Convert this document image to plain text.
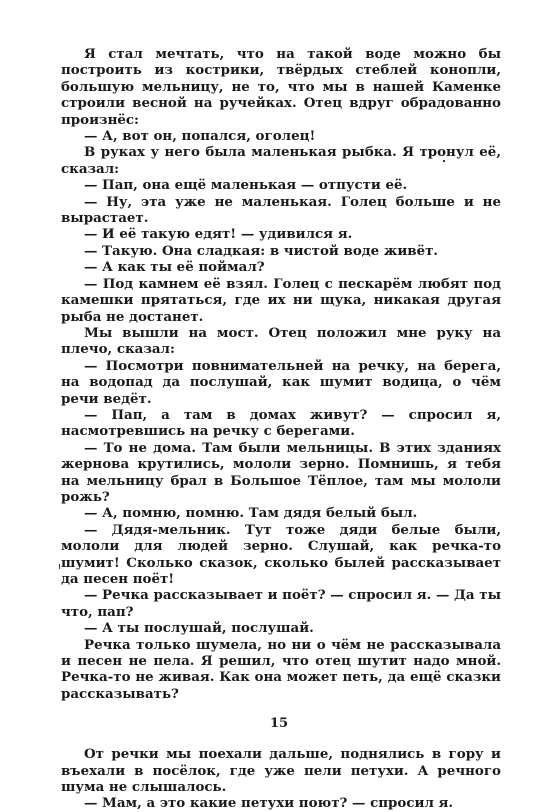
Я стал мечтать, что на такой воде можно бы построить из кострики, твёрдых стеблей конопли, большую мельницу, не то, что мы в нашей Каменке строили весной на ручейках. Отец вдруг обрадованно произнёс:

— А, вот он, попался, оголец!

В руках у него была маленькая рыбка. Я тронул её, сказал:

— Пап, она ещё маленькая — отпусти её.

— Ну, эта уже не маленькая. Голец больше и не вырастает.

— И её такую едят! — удивился я.

— Такую. Она сладкая: в чистой воде живёт.

— А как ты её поймал?

— Под камнем её взял. Голец с пескарём любят под камешки прятаться, где их ни щука, никакая другая рыба не достанет.

Мы вышли на мост. Отец положил мне руку на плечо, сказал:

— Посмотри повнимательней на речку, на берега, на водопад да послушай, как шумит водица, о чём речи ведёт.

— Пап, а там в домах живут? — спросил я, насмотревшись на речку с берегами.

— То не дома. Там были мельницы. В этих зданиях жернова крутились, мололи зерно. Помнишь, я тебя на мельницу брал в Большое Тёплое, там мы мололи рожь?

— А, помню, помню. Там дядя белый был.

— Дядя-мельник. Тут тоже дяди белые были, мололи для людей зерно. Слушай, как речка-то шумит! Сколько сказок, сколько былей рассказывает да песен поёт!

— Речка рассказывает и поёт? — спросил я. — Да ты что, пап?

— А ты послушай, послушай.

Речка только шумела, но ни о чём не рассказывала и песен не пела. Я решил, что отец шутит надо мной. Речка-то не живая. Как она может петь, да ещё сказки рассказывать?

От речки мы поехали дальше, поднялись в гору и въехали в посёлок, где уже пели петухи. А речного шума не слышалось.

— Мам, а это какие петухи поют? — спросил я.

15
